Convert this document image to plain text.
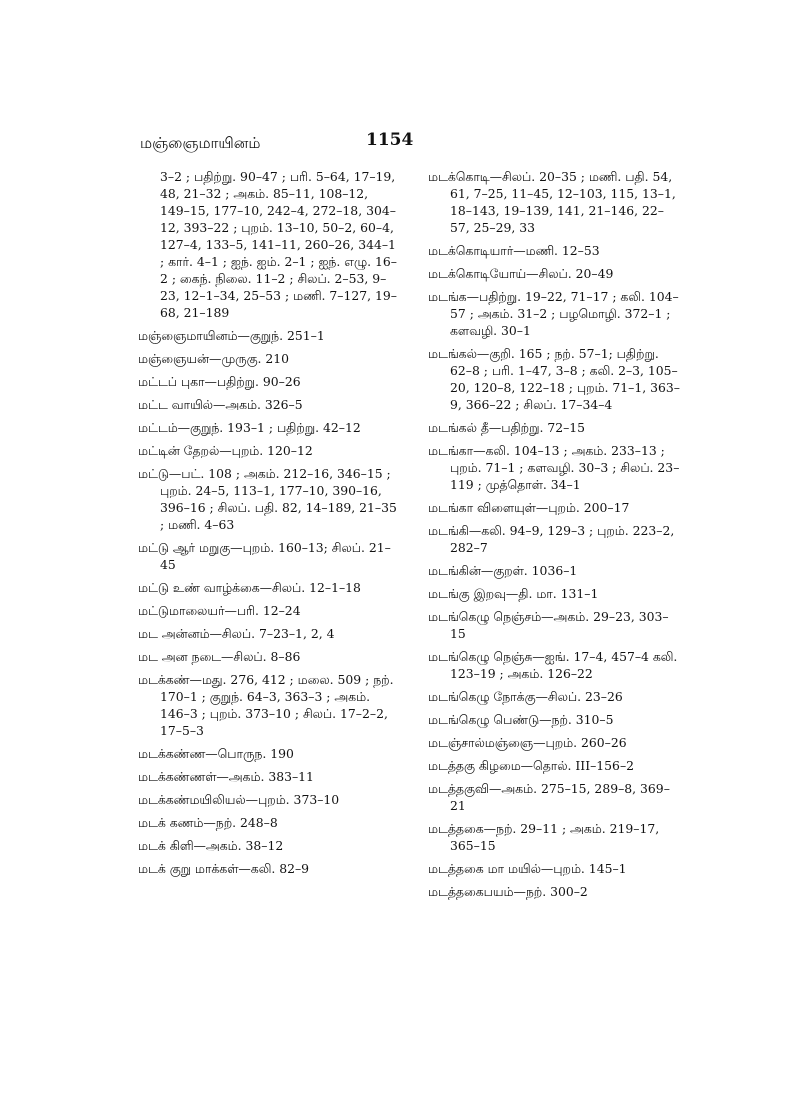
மஞ்ஞைமாயினம்	1154

3–2 ; பதிற்று. 90–47 ; பரி. 5–64, 17–19, 48, 21–32 ; அகம். 85–11, 108–12, 149–15, 177–10, 242–4, 272–18, 304–12, 393–22 ; புறம். 13–10, 50–2, 60–4, 127–4, 133–5, 141–11, 260–26, 344–1 ; கார். 4–1 ; ஐந். ஐம். 2–1 ; ஐந். எழு. 16–2 ; கைந். நிலை. 11–2 ; சிலப். 2–53, 9–23, 12–1–34, 25–53 ; மணி. 7–127, 19–68, 21–189

மஞ்ஞைமாயினம்—குறுந். 251–1

மஞ்ஞையன்—முருகு. 210

மட்டப் புகா—பதிற்று. 90–26

மட்ட வாயில்—அகம். 326–5

மட்டம்—குறுந். 193–1 ; பதிற்று. 42–12

மட்டின் தேறல்—புறம். 120–12

மட்டு—பட். 108 ; அகம். 212–16, 346–15 ; புறம். 24–5, 113–1, 177–10, 390–16, 396–16 ; சிலப். பதி. 82, 14–189, 21–35 ; மணி. 4–63

மட்டு ஆர் மறுகு—புறம். 160–13; சிலப். 21–45

மட்டு உண் வாழ்க்கை—சிலப். 12–1–18

மட்டுமாலையர்—பரி. 12–24

மட அன்னம்—சிலப். 7–23–1, 2, 4

மட அன நடை—சிலப். 8–86

மடக்கண்—மது. 276, 412 ; மலை. 509 ; நற். 170–1 ; குறுந். 64–3, 363–3 ; அகம். 146–3 ; புறம். 373–10 ; சிலப். 17–2–2, 17–5–3

மடக்கண்ண—பொருந. 190

மடக்கண்ணள்—அகம். 383–11

மடக்கண்மயிலியல்—புறம். 373–10

மடக் கணம்—நற். 248–8

மடக் கிளி—அகம். 38–12

மடக் குறு மாக்கள்—கலி. 82–9

மடக்கொடி—சிலப். 20–35 ; மணி. பதி. 54, 61, 7–25, 11–45, 12–103, 115, 13–1, 18–143, 19–139, 141, 21–146, 22–57, 25–29, 33

மடக்கொடியார்—மணி. 12–53

மடக்கொடியோய்—சிலப். 20–49

மடங்க—பதிற்று. 19–22, 71–17 ; கலி. 104–57 ; அகம். 31–2 ; பழமொழி. 372–1 ; களவழி. 30–1

மடங்கல்—குறி. 165 ; நற். 57–1; பதிற்று. 62–8 ; பரி. 1–47, 3–8 ; கலி. 2–3, 105–20, 120–8, 122–18 ; புறம். 71–1, 363–9, 366–22 ; சிலப். 17–34–4

மடங்கல் தீ—பதிற்று. 72–15

மடங்கா—கலி. 104–13 ; அகம். 233–13 ; புறம். 71–1 ; களவழி. 30–3 ; சிலப். 23–119 ; முத்தொள். 34–1

மடங்கா விளையுள்—புறம். 200–17

மடங்கி—கலி. 94–9, 129–3 ; புறம். 223–2, 282–7

மடங்கின்—குறள். 1036–1

மடங்கு இறவு—தி. மா. 131–1

மடங்கெழு நெஞ்சம்—அகம். 29–23, 303–15

மடங்கெழு நெஞ்சு—ஐங். 17–4, 457–4 கலி. 123–19 ; அகம். 126–22

மடங்கெழு நோக்கு—சிலப். 23–26

மடங்கெழு பெண்டு—நற். 310–5

மடஞ்சால்மஞ்ஞை—புறம். 260–26

மடத்தகு கிழமை—தொல். III–156–2

மடத்தகுவி—அகம். 275–15, 289–8, 369–21

மடத்தகை—நற். 29–11 ; அகம். 219–17, 365–15

மடத்தகை மா மயில்—புறம். 145–1

மடத்தகைபயம்—நற். 300–2
